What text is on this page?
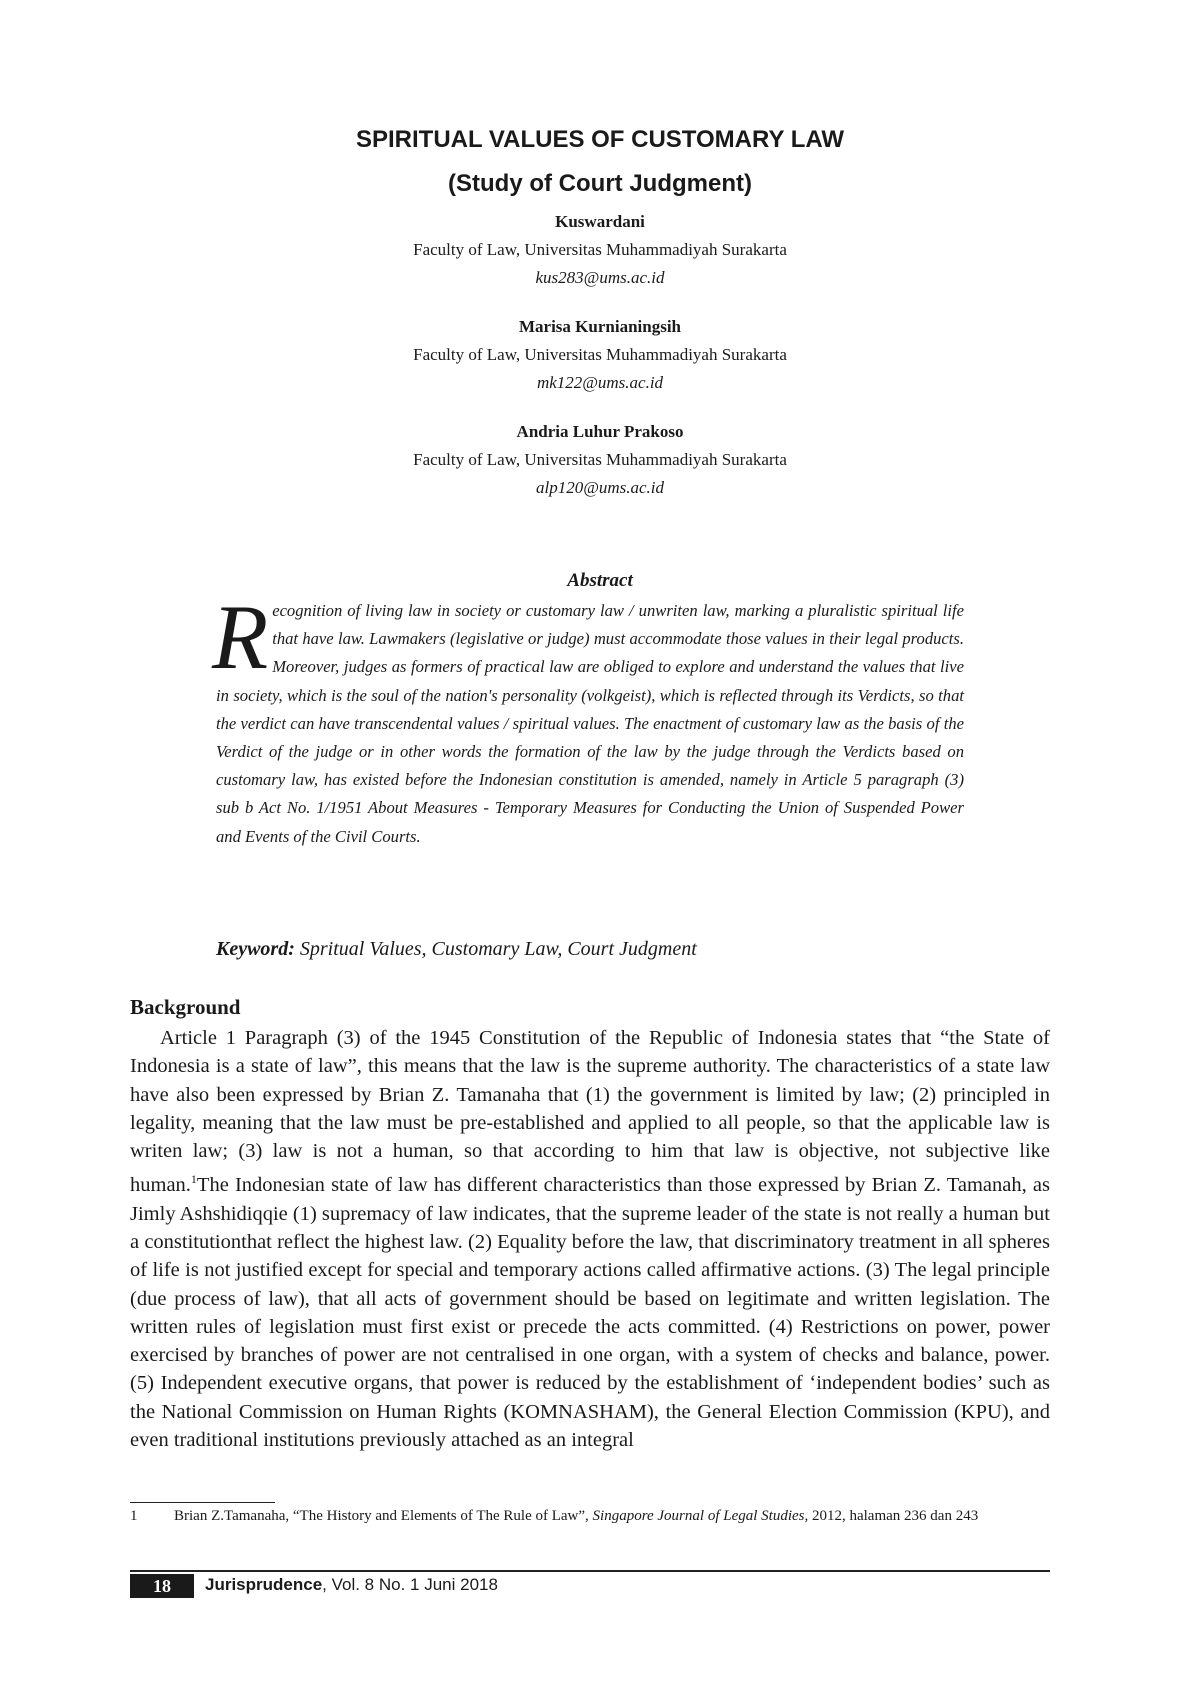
SPIRITUAL VALUES OF CUSTOMARY LAW
(Study of Court Judgment)
Kuswardani
Faculty of Law, Universitas Muhammadiyah Surakarta
kus283@ums.ac.id
Marisa Kurnianingsih
Faculty of Law, Universitas Muhammadiyah Surakarta
mk122@ums.ac.id
Andria Luhur Prakoso
Faculty of Law, Universitas Muhammadiyah Surakarta
alp120@ums.ac.id
Abstract
Recognition of living law in society or customary law / unwriten law, marking a pluralistic spiritual life that have law. Lawmakers (legislative or judge) must accommodate those values in their legal products. Moreover, judges as formers of practical law are obliged to explore and understand the values that live in society, which is the soul of the nation's personality (volkgeist), which is reflected through its Verdicts, so that the verdict can have transcendental values / spiritual values. The enactment of customary law as the basis of the Verdict of the judge or in other words the formation of the law by the judge through the Verdicts based on customary law, has existed before the Indonesian constitution is amended, namely in Article 5 paragraph (3) sub b Act No. 1/1951 About Measures - Temporary Measures for Conducting the Union of Suspended Power and Events of the Civil Courts.
Keyword: Spritual Values, Customary Law, Court Judgment
Background
Article 1 Paragraph (3) of the 1945 Constitution of the Republic of Indonesia states that “the State of Indonesia is a state of law”, this means that the law is the supreme authority. The characteristics of a state law have also been expressed by Brian Z. Tamanaha that (1) the government is limited by law; (2) principled in legality, meaning that the law must be pre-established and applied to all people, so that the applicable law is writen law; (3) law is not a human, so that according to him that law is objective, not subjective like human.$^1$The Indonesian state of law has different characteristics than those expressed by Brian Z. Tamanah, as Jimly Ashshidiqqie (1) supremacy of law indicates, that the supreme leader of the state is not really a human but a constitutionthat reflect the highest law. (2) Equality before the law, that discriminatory treatment in all spheres of life is not justified except for special and temporary actions called affirmative actions. (3) The legal principle (due process of law), that all acts of government should be based on legitimate and written legislation. The written rules of legislation must first exist or precede the acts committed. (4) Restrictions on power, power exercised by branches of power are not centralised in one organ, with a system of checks and balance, power. (5) Independent executive organs, that power is reduced by the establishment of ‘independent bodies’ such as the National Commission on Human Rights (KOMNASHAM), the General Election Commission (KPU), and even traditional institutions previously attached as an integral
1 Brian Z.Tamanaha, “The History and Elements of The Rule of Law”, Singapore Journal of Legal Studies, 2012, halaman 236 dan 243
18	Jurisprudence, Vol. 8 No. 1 Juni 2018
